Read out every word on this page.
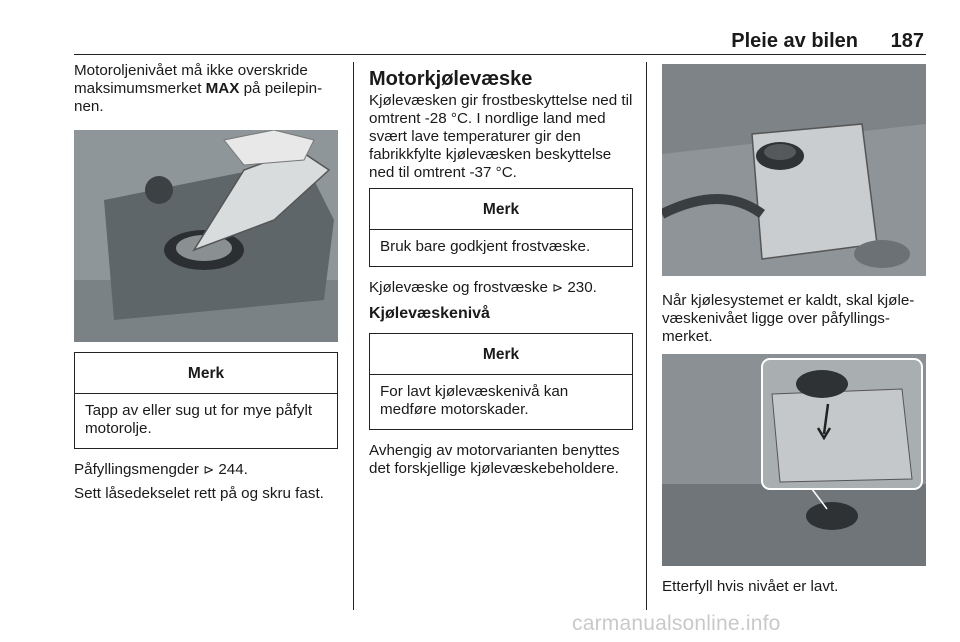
Pleie av bilen 187

Motoroljenivået må ikke overskride maksimumsmerket MAX på peilepin-nen.

Merk
Tapp av eller sug ut for mye påfylt motorolje.

Påfyllingsmengder ⊳ 244.

Sett låsedekselet rett på og skru fast.

Motorkjølevæske

Kjølevæsken gir frostbeskyttelse ned til omtrent -28 °C. I nordlige land med svært lave temperaturer gir den fabrikkfylte kjølevæsken beskyttelse ned til omtrent -37 °C.

Merk
Bruk bare godkjent frostvæske.

Kjølevæske og frostvæske ⊳ 230.

Kjølevæskenivå
Merk
For lavt kjølevæskenivå kan medføre motorskader.

Avhengig av motorvarianten benyttes det forskjellige kjølevæskebeholdere.

Når kjølesystemet er kaldt, skal kjøle-væskenivået ligge over påfyllings-merket.

Etterfyll hvis nivået er lavt.

carmanualsonline.info
